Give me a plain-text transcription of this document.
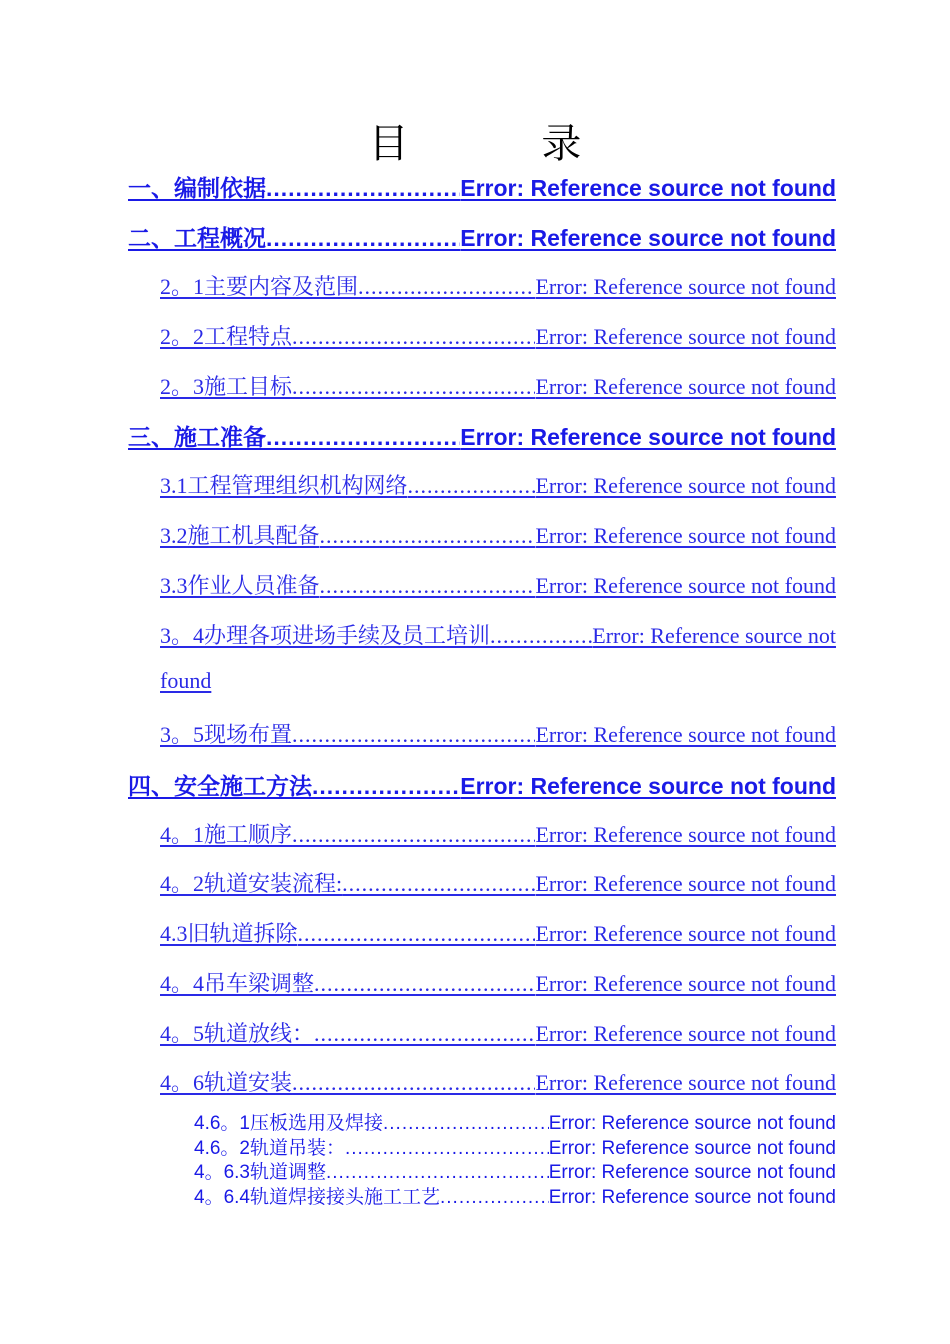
目 录
一、编制依据 .....	Error: Reference source not found
二、工程概况 .....	Error: Reference source not found
2。1主要内容及范围 .....	Error: Reference source not found
2。2工程特点 .....	Error: Reference source not found
2。3施工目标 .....	Error: Reference source not found
三、施工准备 .....	Error: Reference source not found
3.1工程管理组织机构网络 .....	Error: Reference source not found
3.2施工机具配备 .....	Error: Reference source not found
3.3作业人员准备 .....	Error: Reference source not found
3。4办理各项进场手续及员工培训 .....	Error: Reference source not
found
3。5现场布置 .....	Error: Reference source not found
四、安全施工方法 .....	Error: Reference source not found
4。1施工顺序 .....	Error: Reference source not found
4。2轨道安装流程: .....	Error: Reference source not found
4.3旧轨道拆除 .....	Error: Reference source not found
4。4吊车梁调整 .....	Error: Reference source not found
4。5轨道放线： .....	Error: Reference source not found
4。6轨道安装 .....	Error: Reference source not found
4.6。1压板选用及焊接 .....	Error: Reference source not found
4.6。2轨道吊装： .....	Error: Reference source not found
4。6.3轨道调整 .....	Error: Reference source not found
4。6.4轨道焊接接头施工工艺 .....	Error: Reference source not found
